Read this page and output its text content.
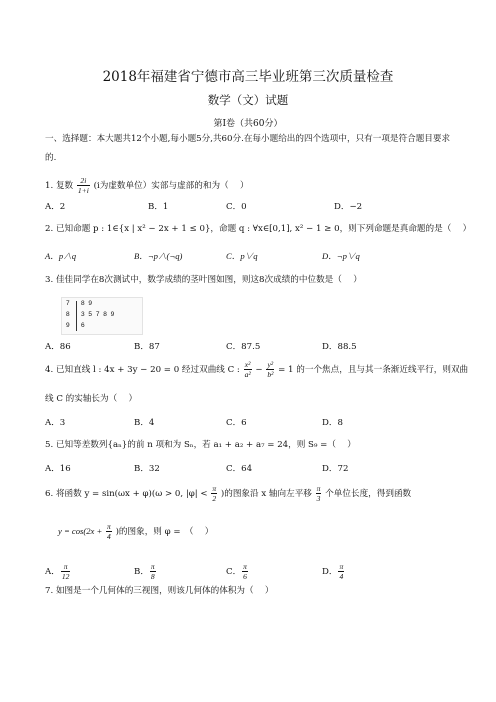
2018年福建省宁德市高三毕业班第三次质量检查
数学（文）试题
第Ⅰ卷（共60分）
一、选择题：本大题共12个小题,每小题5分,共60分.在每小题给出的四个选项中，只有一项是符合题目要求的.
1. 复数 $\frac{2i}{1+i} (i$为虚数单位）实部与虚部的和为（　 ）
A．2	B．1	C．0	D．−2
2. 已知命题 p : 1∈{x | x² − 2x + 1 ≤ 0}，命题 q : ∀x∈[0,1], x² − 1 ≥ 0，则下列命题是真命题的是（　 ）
A．p∧q	B．¬p∧(¬q)	C．p∨q	D．¬p∨q
3. 佳佳同学在8次测试中，数学成绩的茎叶图如图，则这8次成绩的中位数是（　 ）
7 8 9
8 3 5 7 8 9
9 6
A．86	B．87	C．87.5	D．88.5
4. 已知直线 l : 4x + 3y − 20 = 0 经过双曲线 C : $\frac{\text{x²}}{\text{a²}} - \frac{\text{y²}}{\text{b²}} = 1$ 的一个焦点，且与其一条渐近线平行，则双曲
线 C 的实轴长为（　 ）
A．3	B．4	C．6	D．8
5. 已知等差数列{aₙ}的前 n 项和为 Sₙ，若 a₁ + a₂ + a₇ = 24，则 S₉ =（　 ）
A．16	B．32	C．64	D．72
6. 将函数 y = sin(ωx + φ)(ω > 0, $|\varphi| < \frac{\pi}{2}$ )的图象沿 x 轴向左平移 $\frac{\pi}{3}$ 个单位长度，得到函数
$y = \cos(2x + \frac{\pi}{4}$ )的图象，则 φ =　（　 ）
A． $\frac{\pi}{12}$	B． $\frac{\pi}{8}$	C． $\frac{\pi}{6}$	D． $\frac{\pi}{4}$
7. 如图是一个几何体的三视图，则该几何体的体积为（　 ）
